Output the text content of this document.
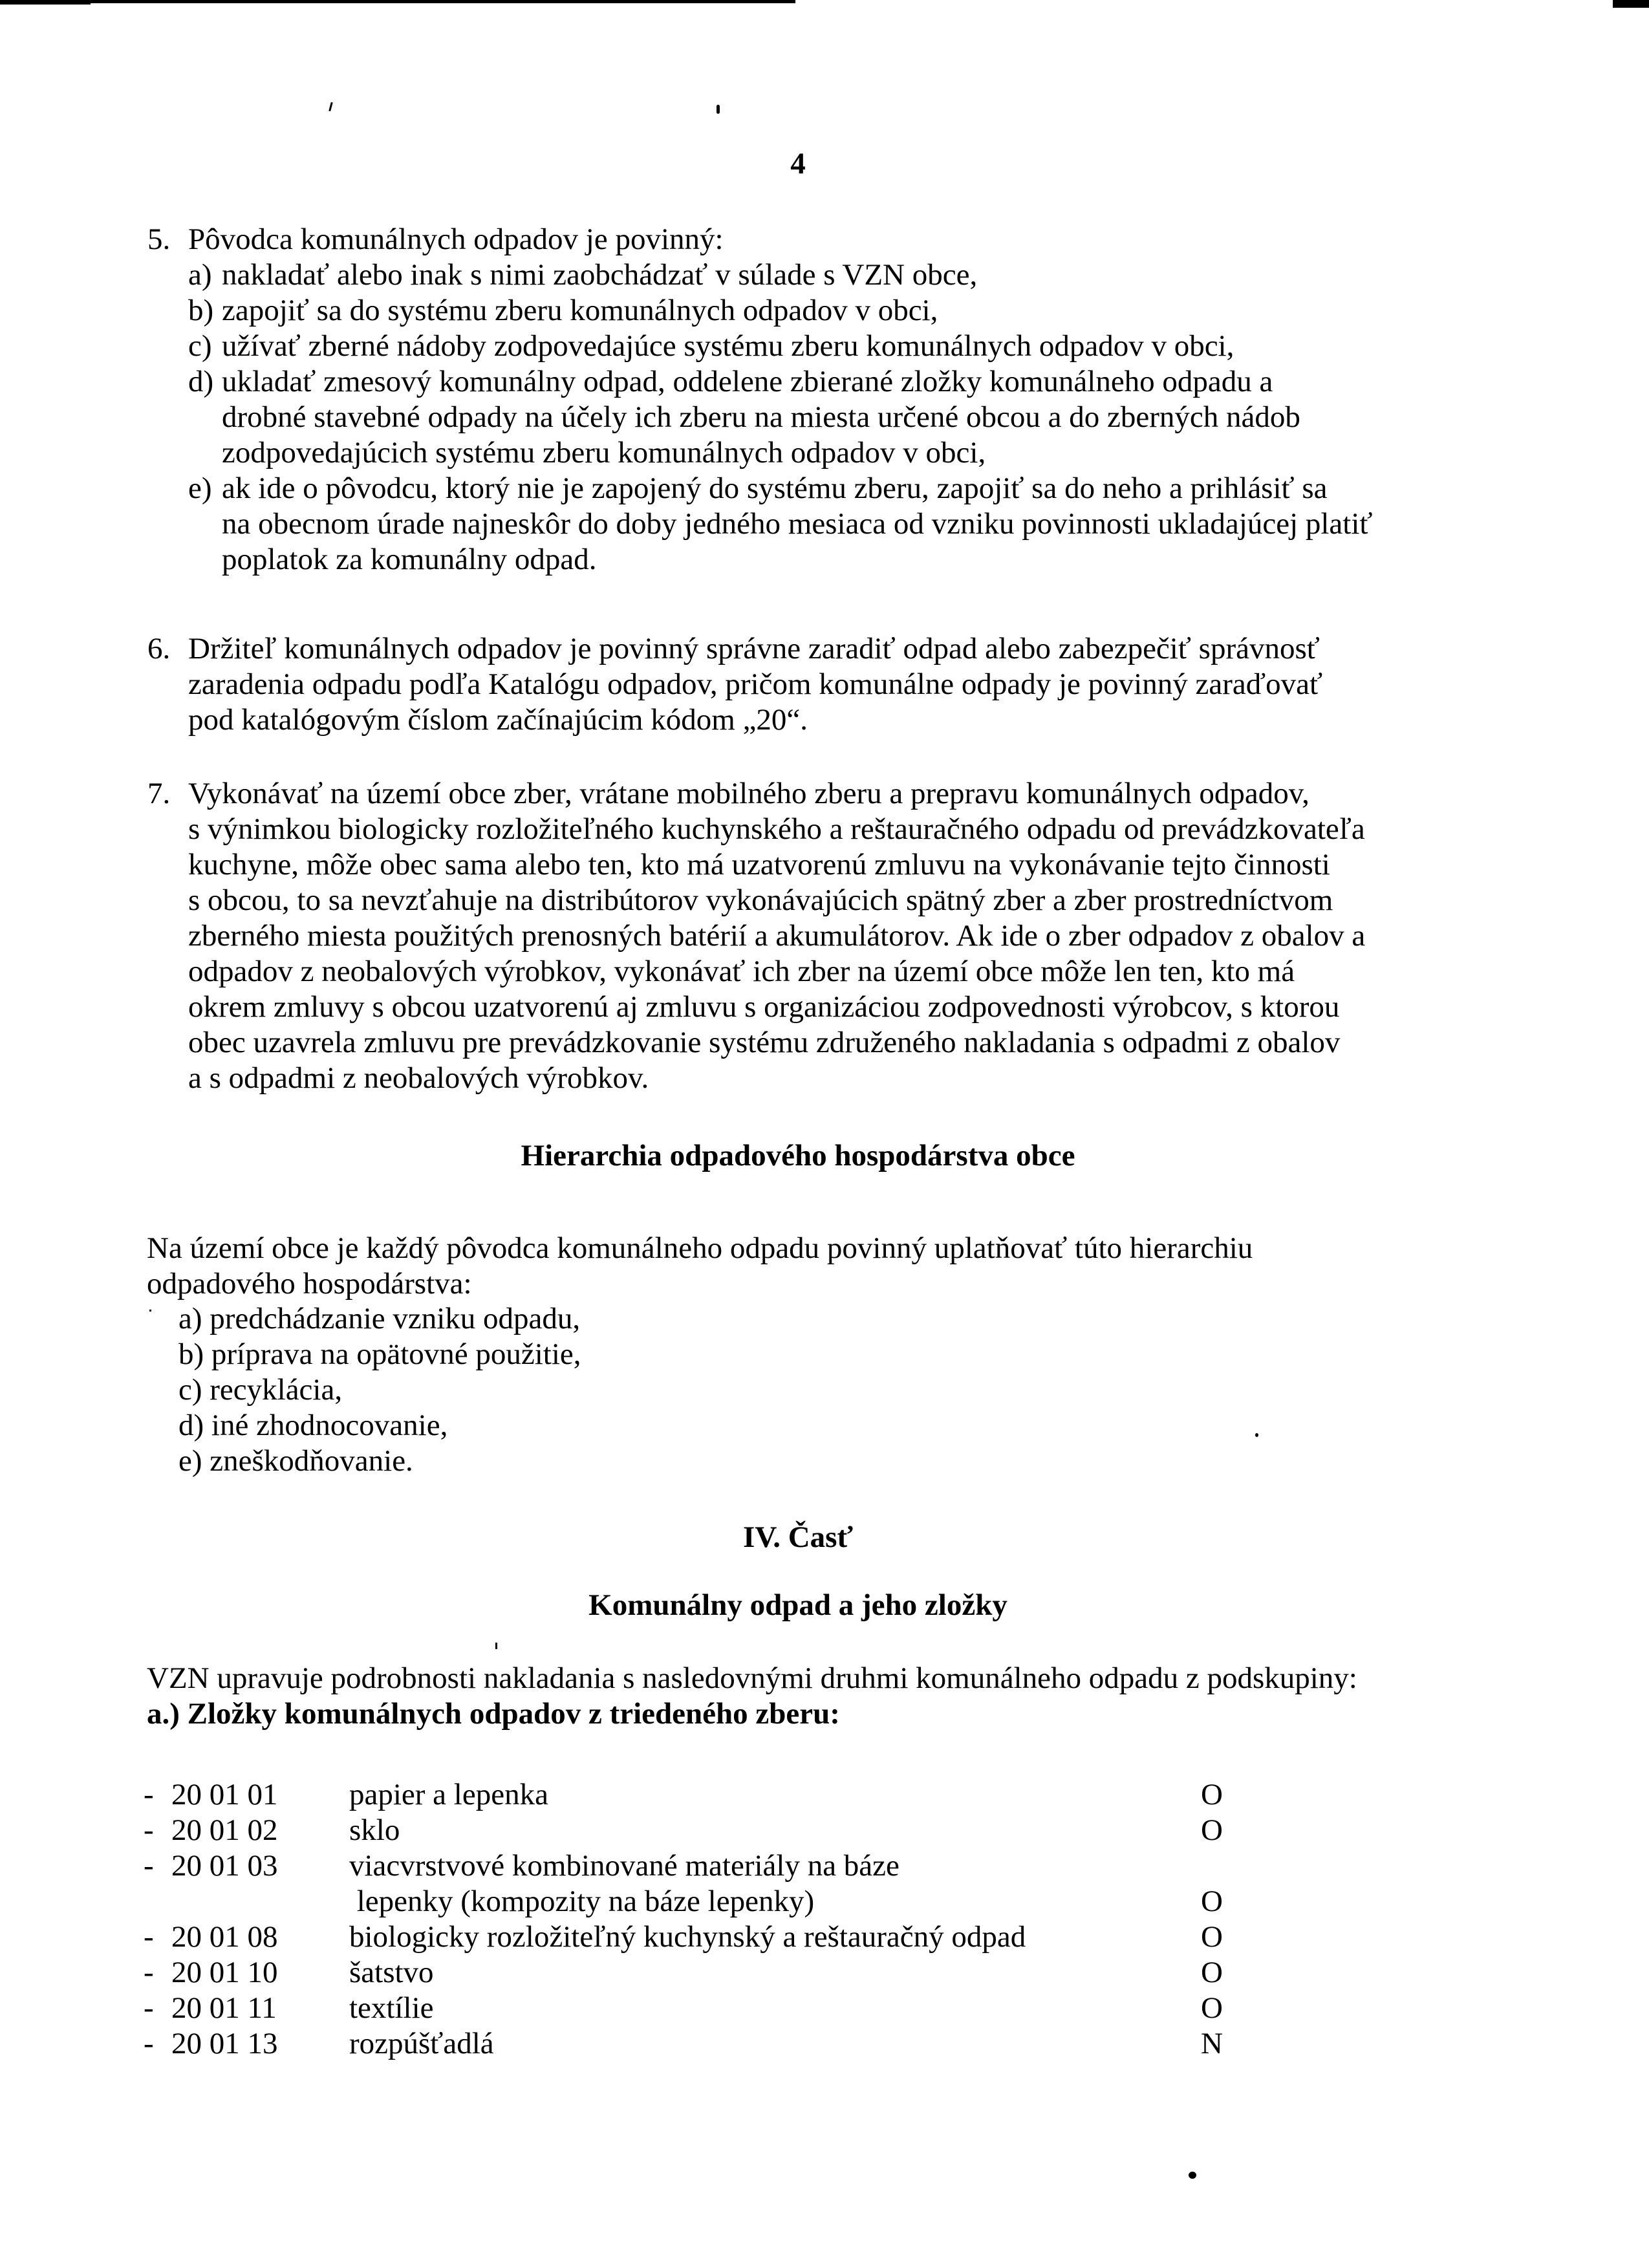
4
5. Pôvodca komunálnych odpadov je povinný:
a) nakladať alebo inak s nimi zaobchádzať v súlade s VZN obce,
b) zapojiť sa do systému zberu komunálnych odpadov v obci,
c) užívať zberné nádoby zodpovedajúce systému zberu komunálnych odpadov v obci,
d) ukladať zmesový komunálny odpad, oddelene zbierané zložky komunálneho odpadu a
drobné stavebné odpady na účely ich zberu na miesta určené obcou a do zberných nádob
zodpovedajúcich systému zberu komunálnych odpadov v obci,
e) ak ide o pôvodcu, ktorý nie je zapojený do systému zberu, zapojiť sa do neho a prihlásiť sa
na obecnom úrade najneskôr do doby jedného mesiaca od vzniku povinnosti ukladajúcej platiť
poplatok za komunálny odpad.
6. Držiteľ komunálnych odpadov je povinný správne zaradiť odpad alebo zabezpečiť správnosť
zaradenia odpadu podľa Katalógu odpadov, pričom komunálne odpady je povinný zaraďovať
pod katalógovým číslom začínajúcim kódom „20“.
7. Vykonávať na území obce zber, vrátane mobilného zberu a prepravu komunálnych odpadov,
s výnimkou biologicky rozložiteľného kuchynského a reštauračného odpadu od prevádzkovateľa
kuchyne, môže obec sama alebo ten, kto má uzatvorenú zmluvu na vykonávanie tejto činnosti
s obcou, to sa nevzťahuje na distribútorov vykonávajúcich spätný zber a zber prostredníctvom
zberného miesta použitých prenosných batérií a akumulátorov. Ak ide o zber odpadov z obalov a
odpadov z neobalových výrobkov, vykonávať ich zber na území obce môže len ten, kto má
okrem zmluvy s obcou uzatvorenú aj zmluvu s organizáciou zodpovednosti výrobcov, s ktorou
obec uzavrela zmluvu pre prevádzkovanie systému združeného nakladania s odpadmi z obalov
a s odpadmi z neobalových výrobkov.
Hierarchia odpadového hospodárstva obce
Na území obce je každý pôvodca komunálneho odpadu povinný uplatňovať túto hierarchiu
odpadového hospodárstva:
a) predchádzanie vzniku odpadu,
b) príprava na opätovné použitie,
c) recyklácia,
d) iné zhodnocovanie,
e) zneškodňovanie.
IV. Časť
Komunálny odpad a jeho zložky
VZN upravuje podrobnosti nakladania s nasledovnými druhmi komunálneho odpadu z podskupiny:
a.) Zložky komunálnych odpadov z triedeného zberu:
- 20 01 01 papier a lepenka	O
- 20 01 02 sklo	O
- 20 01 03 viacvrstvové kombinované materiály na báze
lepenky (kompozity na báze lepenky)	O
- 20 01 08 biologicky rozložiteľný kuchynský a reštauračný odpad	O
- 20 01 10 šatstvo	O
- 20 01 11 textílie	O
- 20 01 13 rozpúšťadlá	N
